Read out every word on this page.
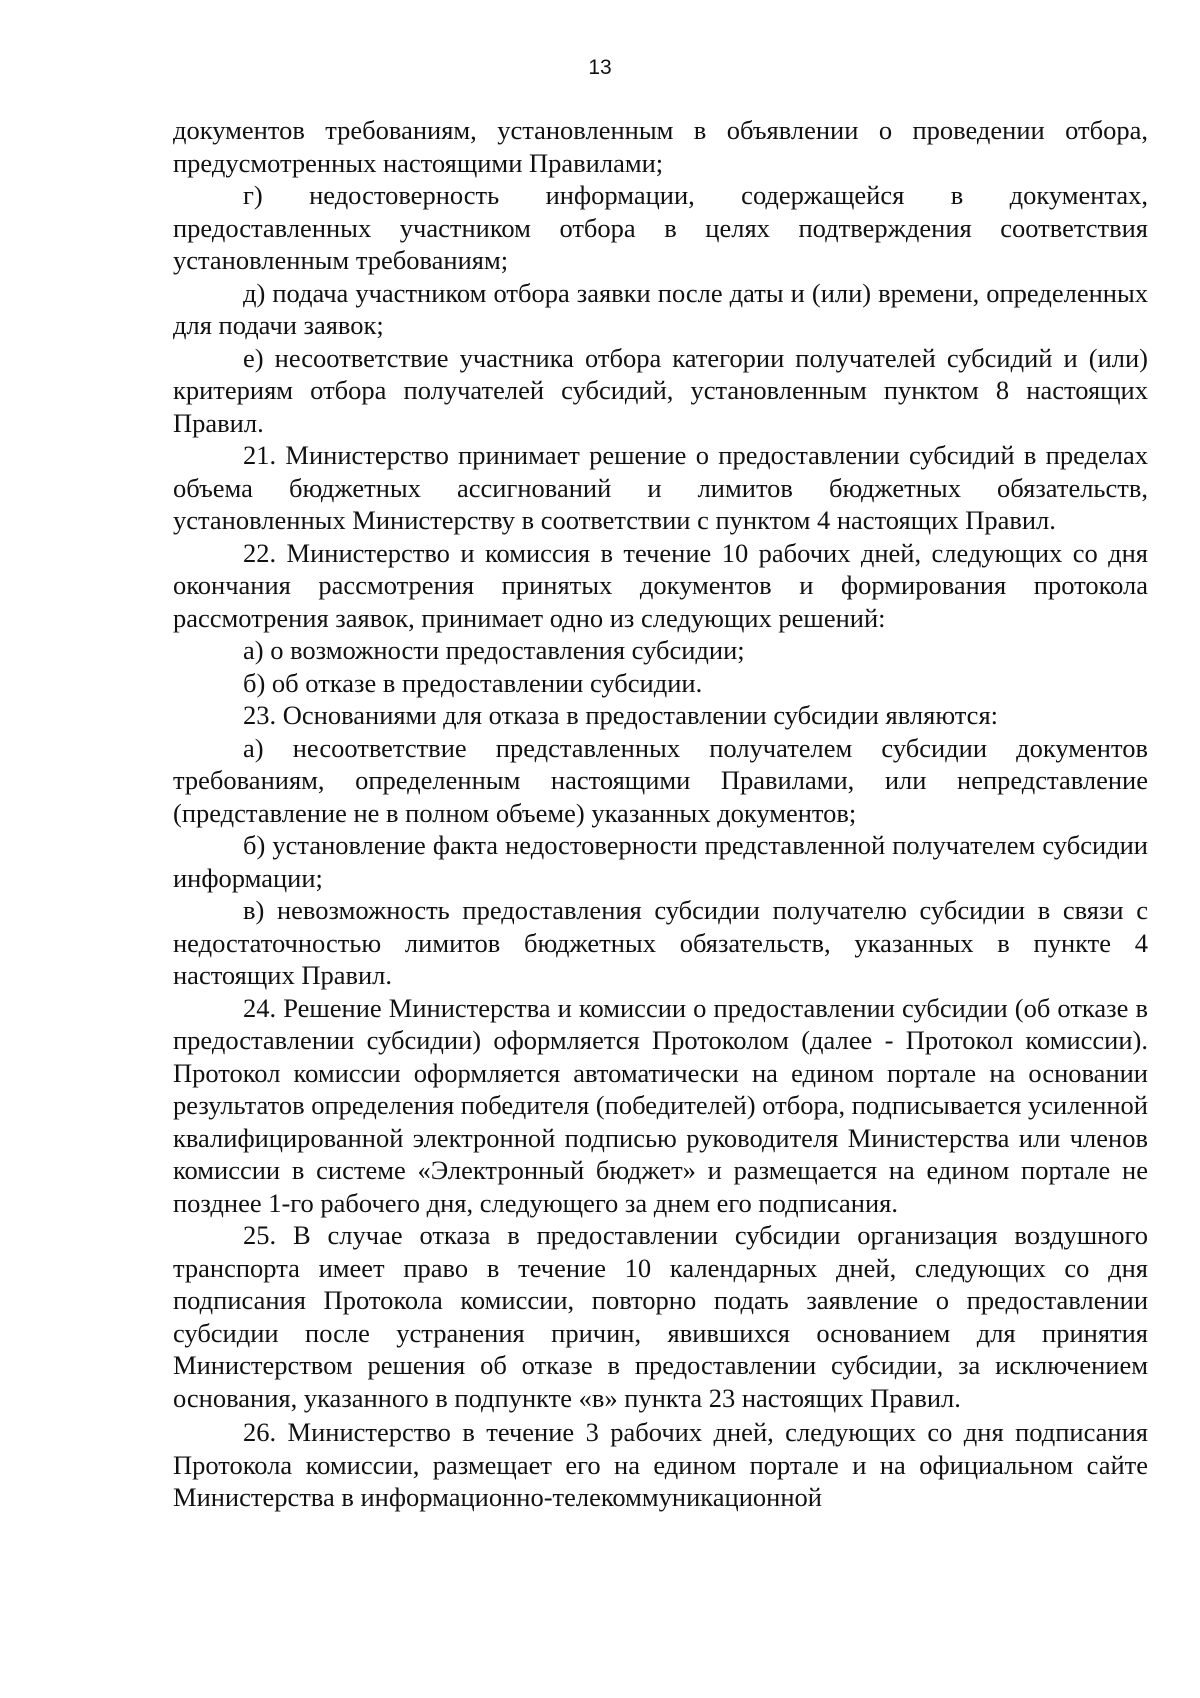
13

документов требованиям, установленным в объявлении о проведении отбора, предусмотренных настоящими Правилами;

г) недостоверность информации, содержащейся в документах, предоставленных участником отбора в целях подтверждения соответствия установленным требованиям;

д) подача участником отбора заявки после даты и (или) времени, определенных для подачи заявок;

е) несоответствие участника отбора категории получателей субсидий и (или) критериям отбора получателей субсидий, установленным пунктом 8 настоящих Правил.

21. Министерство принимает решение о предоставлении субсидий в пределах объема бюджетных ассигнований и лимитов бюджетных обязательств, установленных Министерству в соответствии с пунктом 4 настоящих Правил.

22. Министерство и комиссия в течение 10 рабочих дней, следующих со дня окончания рассмотрения принятых документов и формирования протокола рассмотрения заявок, принимает одно из следующих решений:

а) о возможности предоставления субсидии;

б) об отказе в предоставлении субсидии.

23. Основаниями для отказа в предоставлении субсидии являются:

а) несоответствие представленных получателем субсидии документов требованиям, определенным настоящими Правилами, или непредставление (представление не в полном объеме) указанных документов;

б) установление факта недостоверности представленной получателем субсидии информации;

в) невозможность предоставления субсидии получателю субсидии в связи с недостаточностью лимитов бюджетных обязательств, указанных в пункте 4 настоящих Правил.

24. Решение Министерства и комиссии о предоставлении субсидии (об отказе в предоставлении субсидии) оформляется Протоколом (далее - Протокол комиссии). Протокол комиссии оформляется автоматически на едином портале на основании результатов определения победителя (победителей) отбора, подписывается усиленной квалифицированной электронной подписью руководителя Министерства или членов комиссии в системе «Электронный бюджет» и размещается на едином портале не позднее 1-го рабочего дня, следующего за днем его подписания.

25. В случае отказа в предоставлении субсидии организация воздушного транспорта имеет право в течение 10 календарных дней, следующих со дня подписания Протокола комиссии, повторно подать заявление о предоставлении субсидии после устранения причин, явившихся основанием для принятия Министерством решения об отказе в предоставлении субсидии, за исключением основания, указанного в подпункте «в» пункта 23 настоящих Правил.

26. Министерство в течение 3 рабочих дней, следующих со дня подписания Протокола комиссии, размещает его на едином портале и на официальном сайте Министерства в информационно-телекоммуникационной
